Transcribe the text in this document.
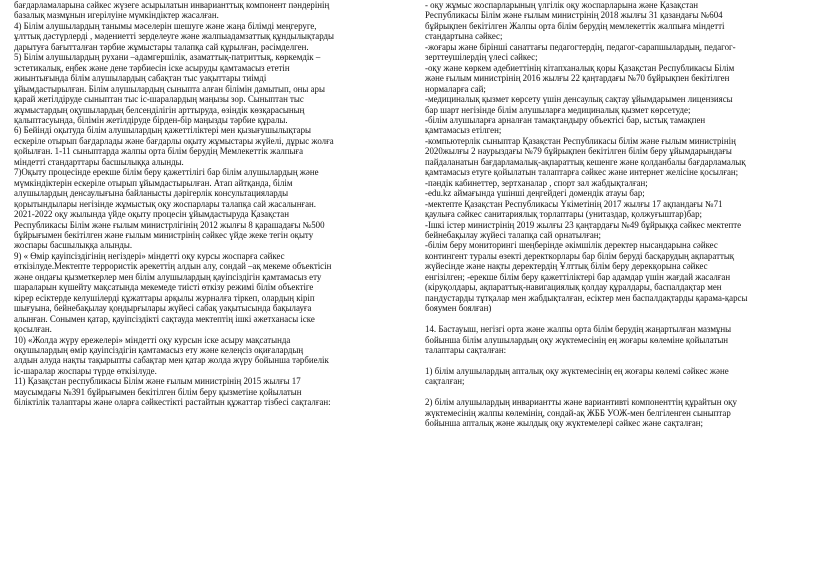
бағдарламаларына сәйкес жүзеге асырылатын инварианттық компонент пәндерінің
базалық мазмұнын игерілуіне мүмкіндіктер жасалған.
4) Білім алушылардың танымы мәселерін шешуге және жаңа білімді меңгеруге,
ұлттық дәстүрлерді , мәдениетті зерделеуге және жалпыадамзаттық құндылықтарды
дарытуға бағытталған тәрбие жұмыстары талапқа сай құрылған, рәсімделген.
5) Білім алушылардың рухани –адамгершілік, азаматтық-патриттық, көркемдік –
эстетикалық, еңбек және дене тәрбиесін іске асыруды қамтамасыз ететін
жиынтығында білім алушылардың сабақтан тыс уақыттары тиімді
ұйымдастырылған. Білім алушылардың сыныпта алған білімін дамытып, оны ары
қарай жетілдіруде сыныптан тыс іс-шаралардың маңызы зор. Сыныптан тыс
жұмыстардың оқушылардың белсенділігін арттыруда, өзіндік көзқарасының
қалыптасуында, білімін жетілдіруде бірден-бір маңызды тәрбие құралы.
6) Бейінді оқытуда білім алушылардың қажеттіліктері мен қызығушылықтары
ескеріле отырып бағдарлады және бағдарлы оқыту жұмыстары жүйелі, дұрыс жолға
қойылған. 1-11 сыныптарда жалпы орта білім берудің Мемлекеттік жалпыға
міндетті стандарттары басшылыққа алынды.
7)Оқыту процесінде ерекше білім беру қажеттілігі бар білім алушылардың және
мүмкіндіктерін ескеріле отырып ұйымдастырылған. Атап айтқанда, білім
алушылардың денсаулығына байланысты дәрігерлік консультацияларды
қорытындылары негізінде жұмыстық оқу жоспарлары талапқа сай жасалынған.
2021-2022 оқу жылында үйде оқыту процесін ұйымдастыруда Қазақстан
Республикасы Білім және ғылым министрлігінің 2012 жылғы 8 қарашадағы №500
бұйрығымен бекітілген және ғылым министрінің сәйкес үйде жеке тегін оқыту
жоспары басшылыққа алынды.
9) « Өмір қауіпсіздігінің негіздері» міндетті оқу курсы жоспарға сәйкес
өткізілуде.Мектепте террористік әрекеттің алдын алу, сондай –ақ мекеме объектісін
және ондағы қызметкерлер мен білім алушылардың қауіпсіздігін қамтамасыз ету
шараларын күшейту мақсатында мекемеде тиісті өткізу режимі білім объектіге
кірер есіктерде келушілерді құжаттары арқылы журналға тіркеп, олардың кіріп
шығуына, бейнебақылау қондырғылары жүйесі сабақ уақытысында бақылауға
алынған. Сонымен қатар, қауіпсіздікті сақтауда мектептің ішкі әжетханасы іске
қосылған.
10) «Жолда жүру ережелері» міндетті оқу курсын іске асыру мақсатында
оқушылардың өмір қауіпсіздігін қамтамасыз ету және келеңсіз оқиғалардың
алдын алуда нақты тақырыпты сабақтар мен қатар жолда жүру бойынша тәрбиелік
іс-шаралар жоспары түрде өткізілуде.
11) Қазақстан республикасы Білім және ғылым министрінің 2015 жылғы 17
маусымдағы №391 бұйрығымен бекітілген білім беру қызметіне қойылатын
біліктілік талаптары және оларға сәйкестікті растайтын құжаттар тізбесі сақталған:
- оқу жұмыс жоспарларының үлгілік оқу жоспарларына және Қазақстан
Республикасы Білім және ғылым министрінің 2018 жылғы 31 қазандағы №604
бұйрықпен бекітілген Жалпы орта білім берудің мемлекеттік жалпыға міндетті
стандартына сәйкес;
-жоғары және бірінші санаттағы педагогтердің, педагог-сарапшылардың, педагог-
зерттеушілердің үлесі сәйкес;
-оқу және көркем әдебиеттінің кітапханалық қоры Қазақстан Республикасы Білім
және ғылым министрінің 2016 жылғы 22 қаңтардағы №70 бұйрықпен бекітілген
нормаларға сай;
-медициналық қызмет көрсету үшін денсаулық сақтау ұйымдарымен лицензиясы
бар шарт негізінде білім алушыларға медициналық қызмет көрсетуде;
-білім алушыларға арналған тамақтандыру объектісі бар, ыстық тамақпен
қамтамасыз етілген;
-компьютерлік сыныптар Қазақстан Республикасы білім және ғылым министрінің
2020жылғы 2 наурыздағы №79 бұйрықпен бекітілген білім беру ұйымдарындағы
пайдаланатын бағдарламалық-ақпараттық кешенге және қолданбалы бағдарламалық
қамтамасыз етуге қойылатын талаптарға сәйкес және интернет желісіне қосылған;
-пәндік кабинеттер, зертханалар , спорт зал жабдықталған;
-edu.kz аймағында үшінші деңгейдегі домендік атауы бар;
-мектепте Қазақстан Республикасы Үкіметінің 2017 жылғы 17 ақпандағы №71
қаулыға сәйкес санитариялық торлаптары (унитаздар, қолжуғыштар)бар;
-Ішкі істер министрінің 2019 жылғы 23 қаңтардағы №49 бұйрыққа сәйкес мектепте
бейнебақылау жүйесі талапқа сай орнатылған;
-білім беру мониторингі шеңберінде әкімшілік деректер нысандарына сәйкес
контингент туралы өзекті деректкорлары бар білім беруді басқарудың ақпараттық
жүйесінде және нақты деректердің Ұлттық білім беру дерекқорына сәйкес
енгізілген; -ерекше білім беру қажеттіліктері бар адамдар үшін жағдай жасалған
(кіруқолдары, ақпараттық-навигациялық қолдау құралдары, баспалдақтар мен
пандустарды тұтқалар мен жабдықталған, есіктер мен баспалдақтарды қарама-қарсы
бояумен боялған)
14. Бастауыш, негізгі орта және жалпы орта білім берудің жаңартылған мазмұны
бойынша білім алушылардың оқу жүктемесінің ең жоғары көлеміне қойылатын
талаптары сақталған:
1) білім алушылардың апталық оқу жүктемесінің ең жоғары көлемі сәйкес және
сақталған;
2) білім алушылардың инвариантты және вариантивті компоненттің құрайтын оқу
жүктемесінің жалпы көлемінің, сондай-ақ ЖББ УОЖ-мен белгіленген сыныптар
бойынша апталық және жылдық оқу жүктемелері сәйкес және сақталған;
